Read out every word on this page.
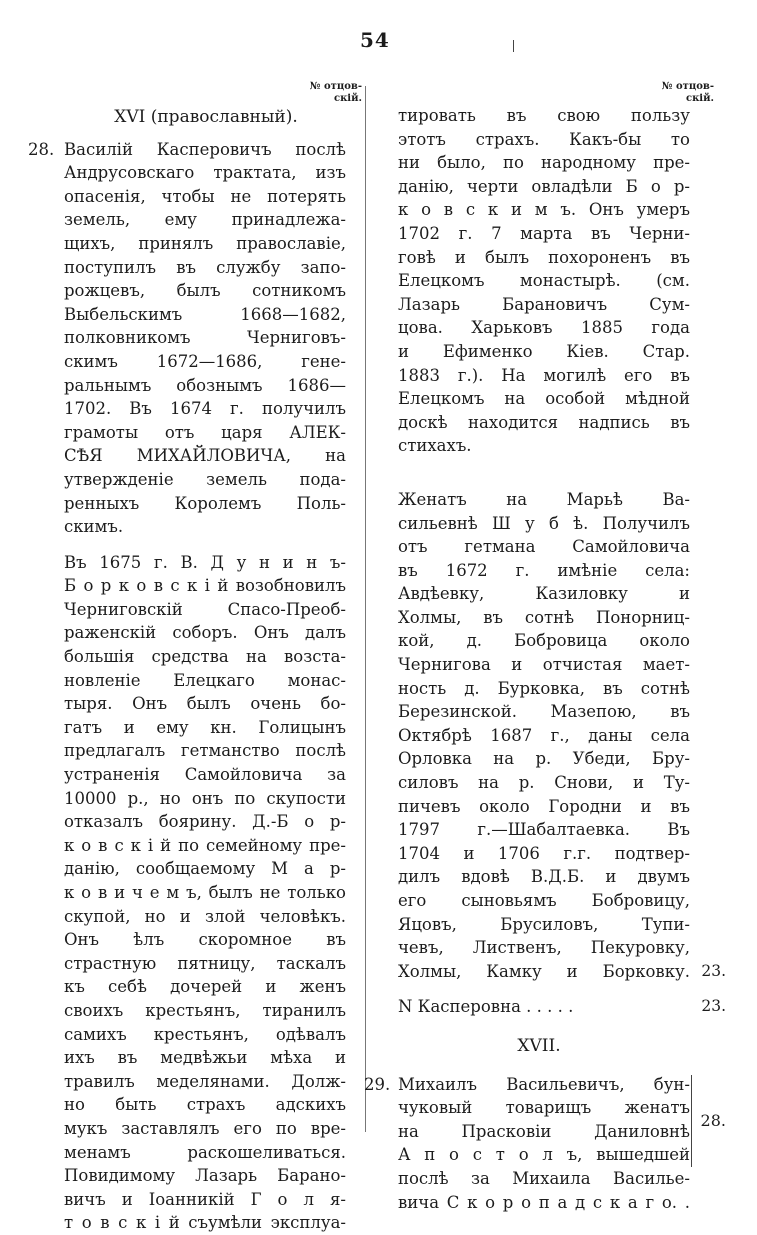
54
№ отцов-
скій.
№ отцов-
скій.
XVI (православный).
28. Василій Касперовичъ послѣ
Андрусовскаго трактата, изъ
опасенія, чтобы не потерять
земель, ему принадлежа-
щихъ, принялъ православіе,
поступилъ въ службу запо-
рожцевъ, былъ сотникомъ
Выбельскимъ 1668—1682,
полковникомъ Черниговъ-
скимъ 1672—1686, гене-
ральнымъ обознымъ 1686—
1702. Въ 1674 г. получилъ
грамоты отъ царя АЛЕК-
СѢЯ МИХАЙЛОВИЧА, на
утвержденіе земель пода-
ренныхъ Королемъ Поль-
скимъ.
Въ 1675 г. В. Д у н и н ъ-
Б о р к о в с к і й возобновилъ
Черниговскій Спасо-Преоб-
раженскій соборъ. Онъ далъ
большія средства на возста-
новленіе Елецкаго монас-
тыря. Онъ былъ очень бо-
гатъ и ему кн. Голицынъ
предлагалъ гетманство послѣ
устраненія Самойловича за
10000 р., но онъ по скупости
отказалъ боярину. Д.-Б о р-
к о в с к і й по семейному пре-
данію, сообщаемому М а р-
к о в и ч е м ъ, былъ не только
скупой, но и злой человѣкъ.
Онъ ѣлъ скоромное въ
страстную пятницу, таскалъ
къ себѣ дочерей и женъ
своихъ крестьянъ, тиранилъ
самихъ крестьянъ, одѣвалъ
ихъ въ медвѣжьи мѣха и
травилъ меделянами. Долж-
но быть страхъ адскихъ
мукъ заставлялъ его по вре-
менамъ раскошеливаться.
Повидимому Лазарь Барано-
вичъ и Іоанникій Г о л я-
т о в с к і й съумѣли эксплуа-
тировать въ свою пользу
этотъ страхъ. Какъ-бы то
ни было, по народному пре-
данію, черти овладѣли Б о р-
к о в с к и м ъ. Онъ умеръ
1702 г. 7 марта въ Черни-
говѣ и былъ похороненъ въ
Елецкомъ монастырѣ. (см.
Лазарь Барановичъ Сум-
цова. Харьковъ 1885 года
и Ефименко Кіев. Стар.
1883 г.). На могилѣ его въ
Елецкомъ на особой мѣдной
доскѣ находится надпись въ
стихахъ.
Женатъ на Марьѣ Ва-
сильевнѣ Ш у б ѣ. Получилъ
отъ гетмана Самойловича
въ 1672 г. имѣніе села:
Авдѣевку, Казиловку и
Холмы, въ сотнѣ Понорниц-
кой, д. Бобровица около
Чернигова и отчистая мает-
ность д. Бурковка, въ сотнѣ
Березинской. Мазепою, въ
Октябрѣ 1687 г., даны села
Орловка на р. Убеди, Бру-
силовъ на р. Снови, и Ту-
пичевъ около Городни и въ
1797 г.—Шабалтаевка. Въ
1704 и 1706 г.г. подтвер-
дилъ вдовѣ В.Д.Б. и двумъ
его сыновьямъ Бобровицу,
Яцовъ, Брусиловъ, Тупи-
чевъ, Лиственъ, Пекуровку,
Холмы, Камку и Борковку. 23.
N Касперовна . . . . .	23.
XVII.
29. Михаилъ Васильевичъ, бун-
чуковый товарищъ женатъ
на Прасковіи Даниловнѣ
А п о с т о л ъ, вышедшей
послѣ за Михаила Василье-
вича С к о р о п а д с к а г о. .
28.
